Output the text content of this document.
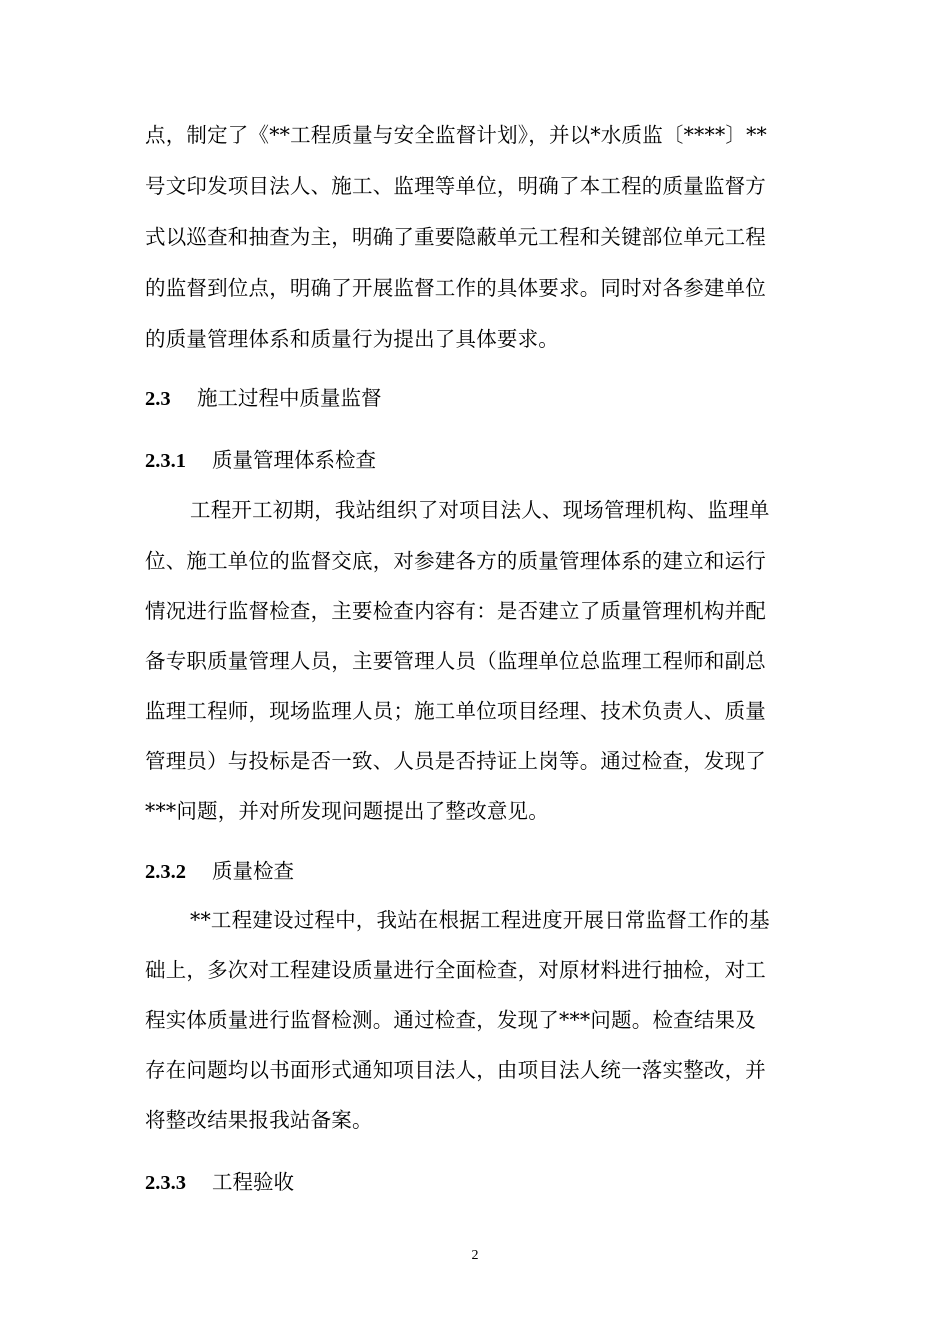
点，制定了《**工程质量与安全监督计划》，并以*水质监〔****〕**
号文印发项目法人、施工、监理等单位，明确了本工程的质量监督方
式以巡查和抽查为主，明确了重要隐蔽单元工程和关键部位单元工程
的监督到位点，明确了开展监督工作的具体要求。同时对各参建单位
的质量管理体系和质量行为提出了具体要求。
2.3 施工过程中质量监督
2.3.1 质量管理体系检查
工程开工初期，我站组织了对项目法人、现场管理机构、监理单
位、施工单位的监督交底，对参建各方的质量管理体系的建立和运行
情况进行监督检查，主要检查内容有：是否建立了质量管理机构并配
备专职质量管理人员，主要管理人员（监理单位总监理工程师和副总
监理工程师，现场监理人员；施工单位项目经理、技术负责人、质量
管理员）与投标是否一致、人员是否持证上岗等。通过检查，发现了
***问题，并对所发现问题提出了整改意见。
2.3.2 质量检查
**工程建设过程中，我站在根据工程进度开展日常监督工作的基
础上，多次对工程建设质量进行全面检查，对原材料进行抽检，对工
程实体质量进行监督检测。通过检查，发现了***问题。检查结果及
存在问题均以书面形式通知项目法人，由项目法人统一落实整改，并
将整改结果报我站备案。
2.3.3 工程验收
2
